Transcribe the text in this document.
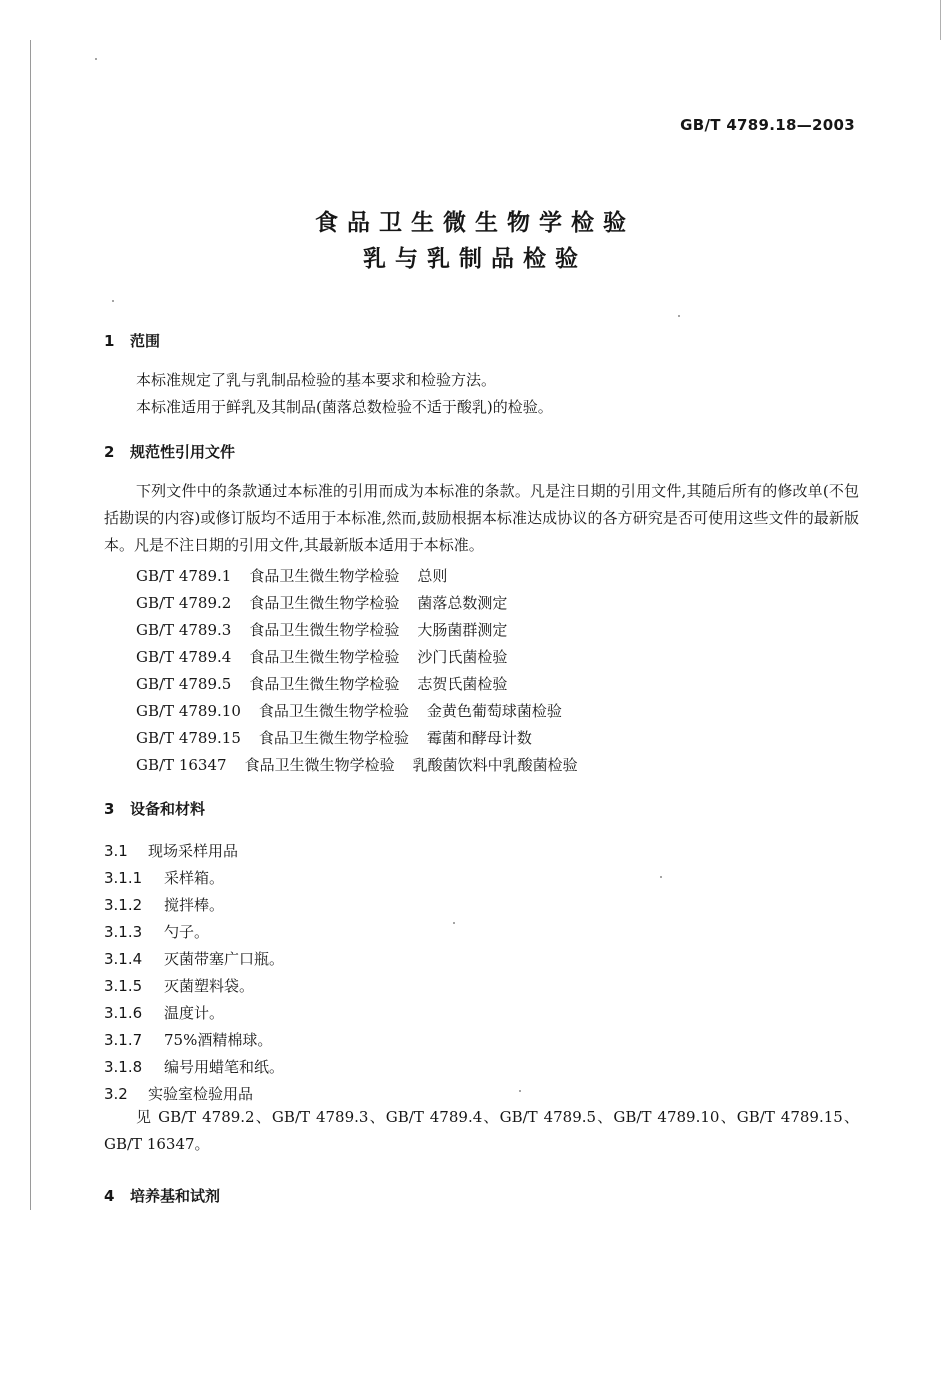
GB/T 4789.18—2003
食品卫生微生物学检验
乳与乳制品检验
1 范围
本标准规定了乳与乳制品检验的基本要求和检验方法。
本标准适用于鲜乳及其制品(菌落总数检验不适于酸乳)的检验。
2 规范性引用文件
下列文件中的条款通过本标准的引用而成为本标准的条款。凡是注日期的引用文件,其随后所有的修改单(不包括勘误的内容)或修订版均不适用于本标准,然而,鼓励根据本标准达成协议的各方研究是否可使用这些文件的最新版本。凡是不注日期的引用文件,其最新版本适用于本标准。
GB/T 4789.1 食品卫生微生物学检验 总则
GB/T 4789.2 食品卫生微生物学检验 菌落总数测定
GB/T 4789.3 食品卫生微生物学检验 大肠菌群测定
GB/T 4789.4 食品卫生微生物学检验 沙门氏菌检验
GB/T 4789.5 食品卫生微生物学检验 志贺氏菌检验
GB/T 4789.10 食品卫生微生物学检验 金黄色葡萄球菌检验
GB/T 4789.15 食品卫生微生物学检验 霉菌和酵母计数
GB/T 16347 食品卫生微生物学检验 乳酸菌饮料中乳酸菌检验
3 设备和材料
3.1 现场采样用品
3.1.1 采样箱。
3.1.2 搅拌棒。
3.1.3 勺子。
3.1.4 灭菌带塞广口瓶。
3.1.5 灭菌塑料袋。
3.1.6 温度计。
3.1.7 75%酒精棉球。
3.1.8 编号用蜡笔和纸。
3.2 实验室检验用品
见 GB/T 4789.2、GB/T 4789.3、GB/T 4789.4、GB/T 4789.5、GB/T 4789.10、GB/T 4789.15、GB/T 16347。
4 培养基和试剂
